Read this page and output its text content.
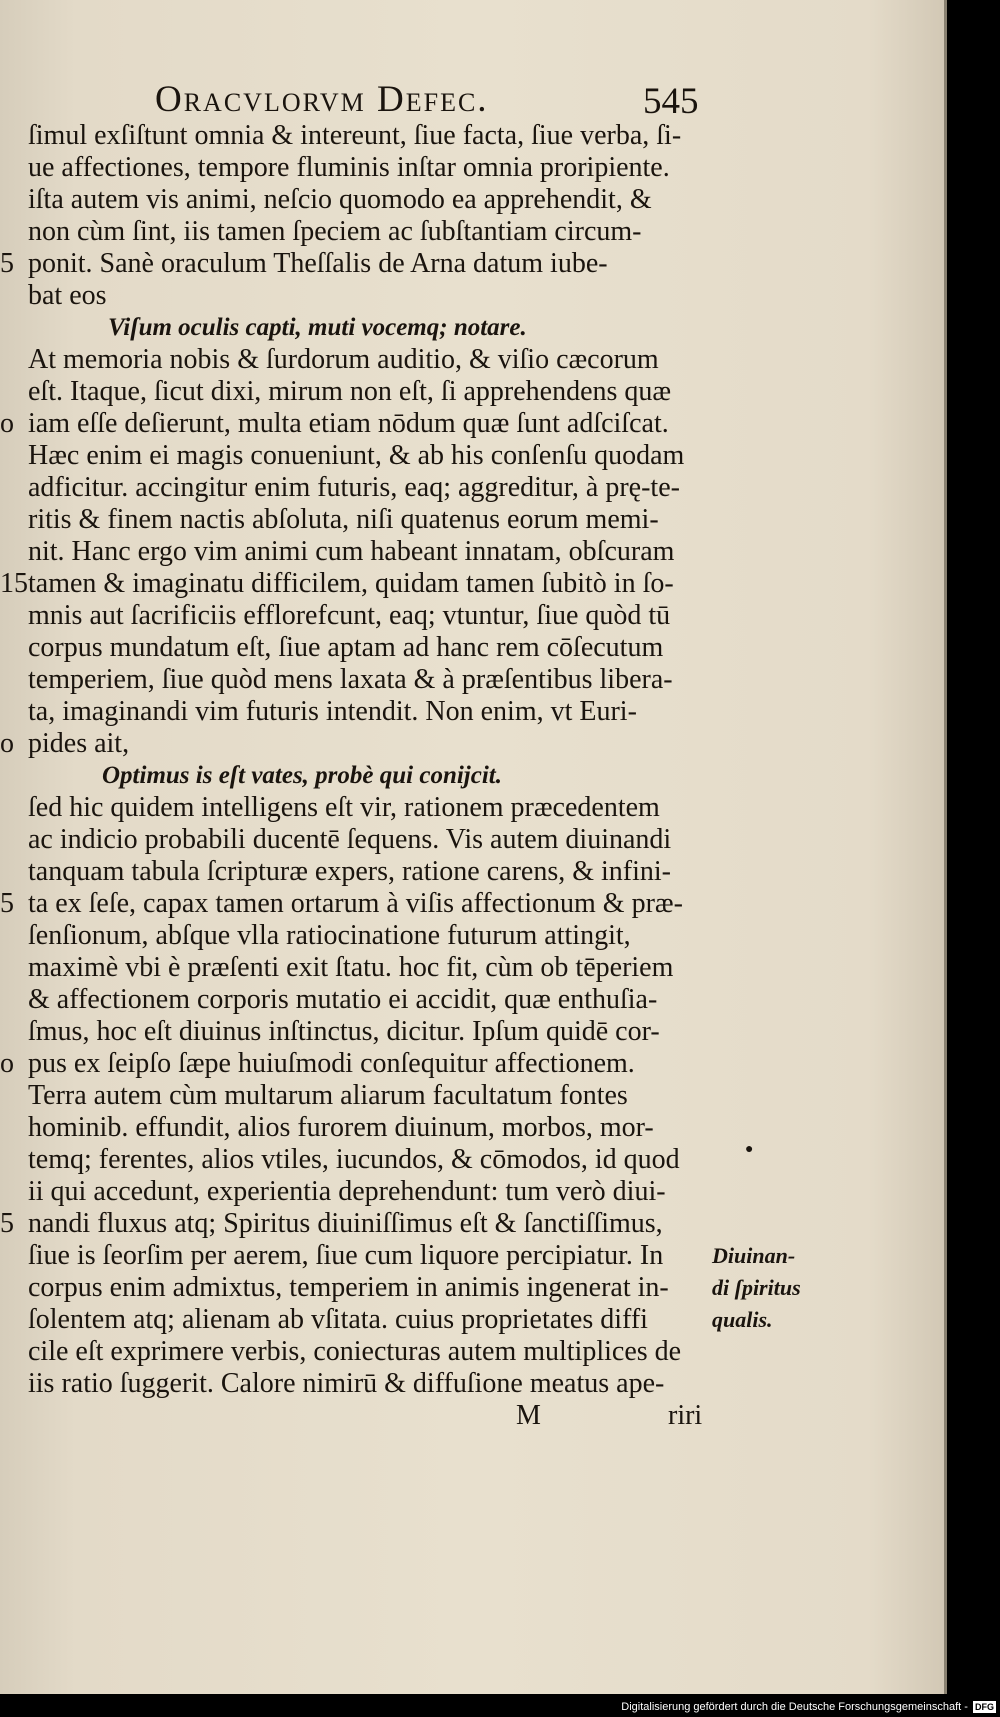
Oracvlorvm Defec.	545
ſimul exſiſtunt omnia & intereunt, ſiue facta, ſiue verba, ſi-
ue affectiones, tempore fluminis inſtar omnia proripiente.
iſta autem vis animi, neſcio quomodo ea apprehendit, &
non cùm ſint, iis tamen ſpeciem ac ſubſtantiam circum-
ponit. Sanè oraculum Theſſalis de Arna datum iube-
bat eos
Viſum oculis capti, muti vocemq; notare.
At memoria nobis & ſurdorum auditio, & viſio cæcorum
eſt. Itaque, ſicut dixi, mirum non eſt, ſi apprehendens quæ
iam eſſe deſierunt, multa etiam nōdum quæ ſunt adſciſcat.
Hæc enim ei magis conueniunt, & ab his conſenſu quodam
adficitur. accingitur enim futuris, eaq; aggreditur, à prę-te-
ritis & finem nactis abſoluta, niſi quatenus eorum memi-
nit. Hanc ergo vim animi cum habeant innatam, obſcuram
tamen & imaginatu difficilem, quidam tamen ſubitò in ſo-
mnis aut ſacrificiis efflorefcunt, eaq; vtuntur, ſiue quòd tū
corpus mundatum eſt, ſiue aptam ad hanc rem cōſecutum
temperiem, ſiue quòd mens laxata & à præſentibus libera-
ta, imaginandi vim futuris intendit. Non enim, vt Euri-
pides ait,
Optimus is eſt vates, probè qui conijcit.
ſed hic quidem intelligens eſt vir, rationem præcedentem
ac indicio probabili ducentē ſequens. Vis autem diuinandi
tanquam tabula ſcripturæ expers, ratione carens, & infini-
ta ex ſeſe, capax tamen ortarum à viſis affectionum & præ-
ſenſionum, abſque vlla ratiocinatione futurum attingit,
maximè vbi è præſenti exit ſtatu. hoc fit, cùm ob tēperiem
& affectionem corporis mutatio ei accidit, quæ enthuſia-
ſmus, hoc eſt diuinus inſtinctus, dicitur. Ipſum quidē cor-
pus ex ſeipſo ſæpe huiuſmodi conſequitur affectionem.
Terra autem cùm multarum aliarum facultatum fontes
hominib. effundit, alios furorem diuinum, morbos, mor-
temq; ferentes, alios vtiles, iucundos, & cōmodos, id quod
ii qui accedunt, experientia deprehendunt: tum verò diui-
nandi fluxus atq; Spiritus diuiniſſimus eſt & ſanctiſſimus,
ſiue is ſeorſim per aerem, ſiue cum liquore percipiatur. In
corpus enim admixtus, temperiem in animis ingenerat in-
ſolentem atq; alienam ab vſitata. cuius proprietates diffi
cile eſt exprimere verbis, coniecturas autem multiplices de
iis ratio ſuggerit. Calore nimirū & diffuſione meatus ape-
5
o
15
o
5
o
5
Diuinan-
di ſpiritus
qualis.
●
M	riri
Digitalisierung gefördert durch die Deutsche Forschungsgemeinschaft - DFG
